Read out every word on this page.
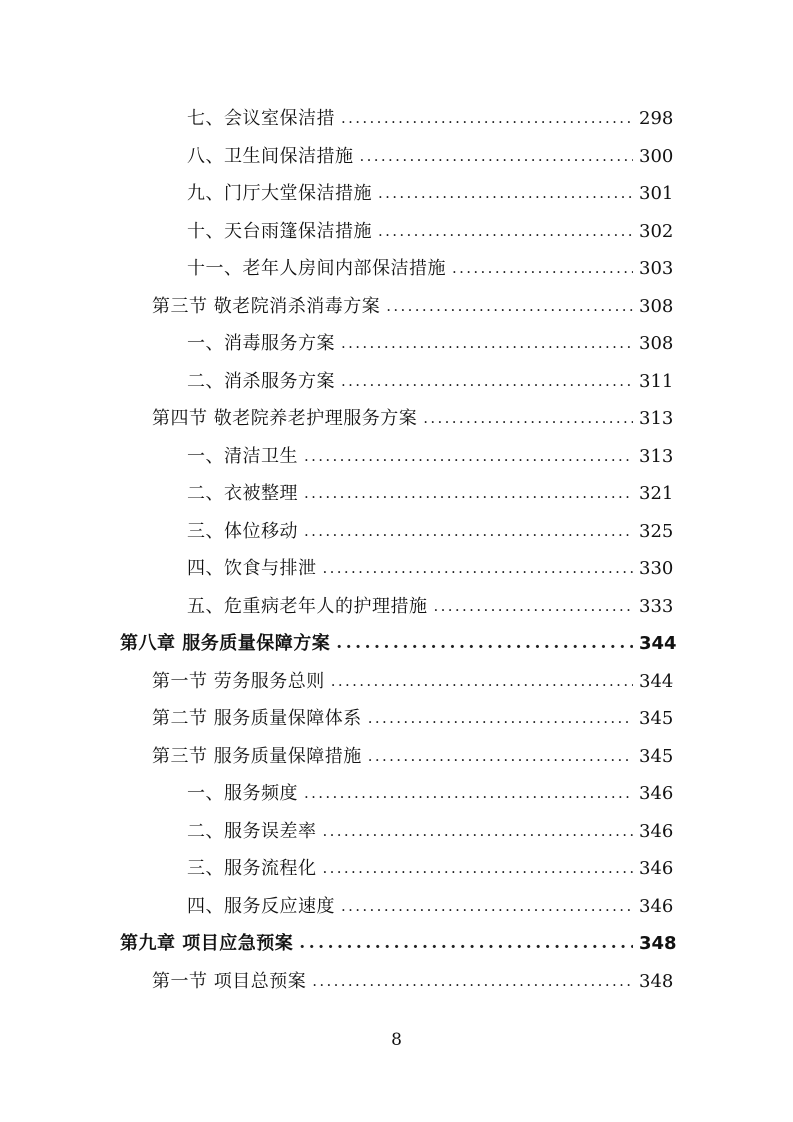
七、会议室保洁措 . . .	298
八、卫生间保洁措施 . . .	300
九、门厅大堂保洁措施 . . .	301
十、天台雨篷保洁措施 . . .	302
十一、老年人房间内部保洁措施 . . .	303
第三节 敬老院消杀消毒方案 . . .	308
一、消毒服务方案 . . .	308
二、消杀服务方案 . . .	311
第四节 敬老院养老护理服务方案 . . .	313
一、清洁卫生 . . .	313
二、衣被整理 . . .	321
三、体位移动 . . .	325
四、饮食与排泄 . . .	330
五、危重病老年人的护理措施 . . .	333
第八章 服务质量保障方案 . . .	344
第一节 劳务服务总则 . . .	344
第二节 服务质量保障体系 . . .	345
第三节 服务质量保障措施 . . .	345
一、服务频度 . . .	346
二、服务误差率 . . .	346
三、服务流程化 . . .	346
四、服务反应速度 . . .	346
第九章 项目应急预案 . . .	348
第一节 项目总预案 . . .	348
8
